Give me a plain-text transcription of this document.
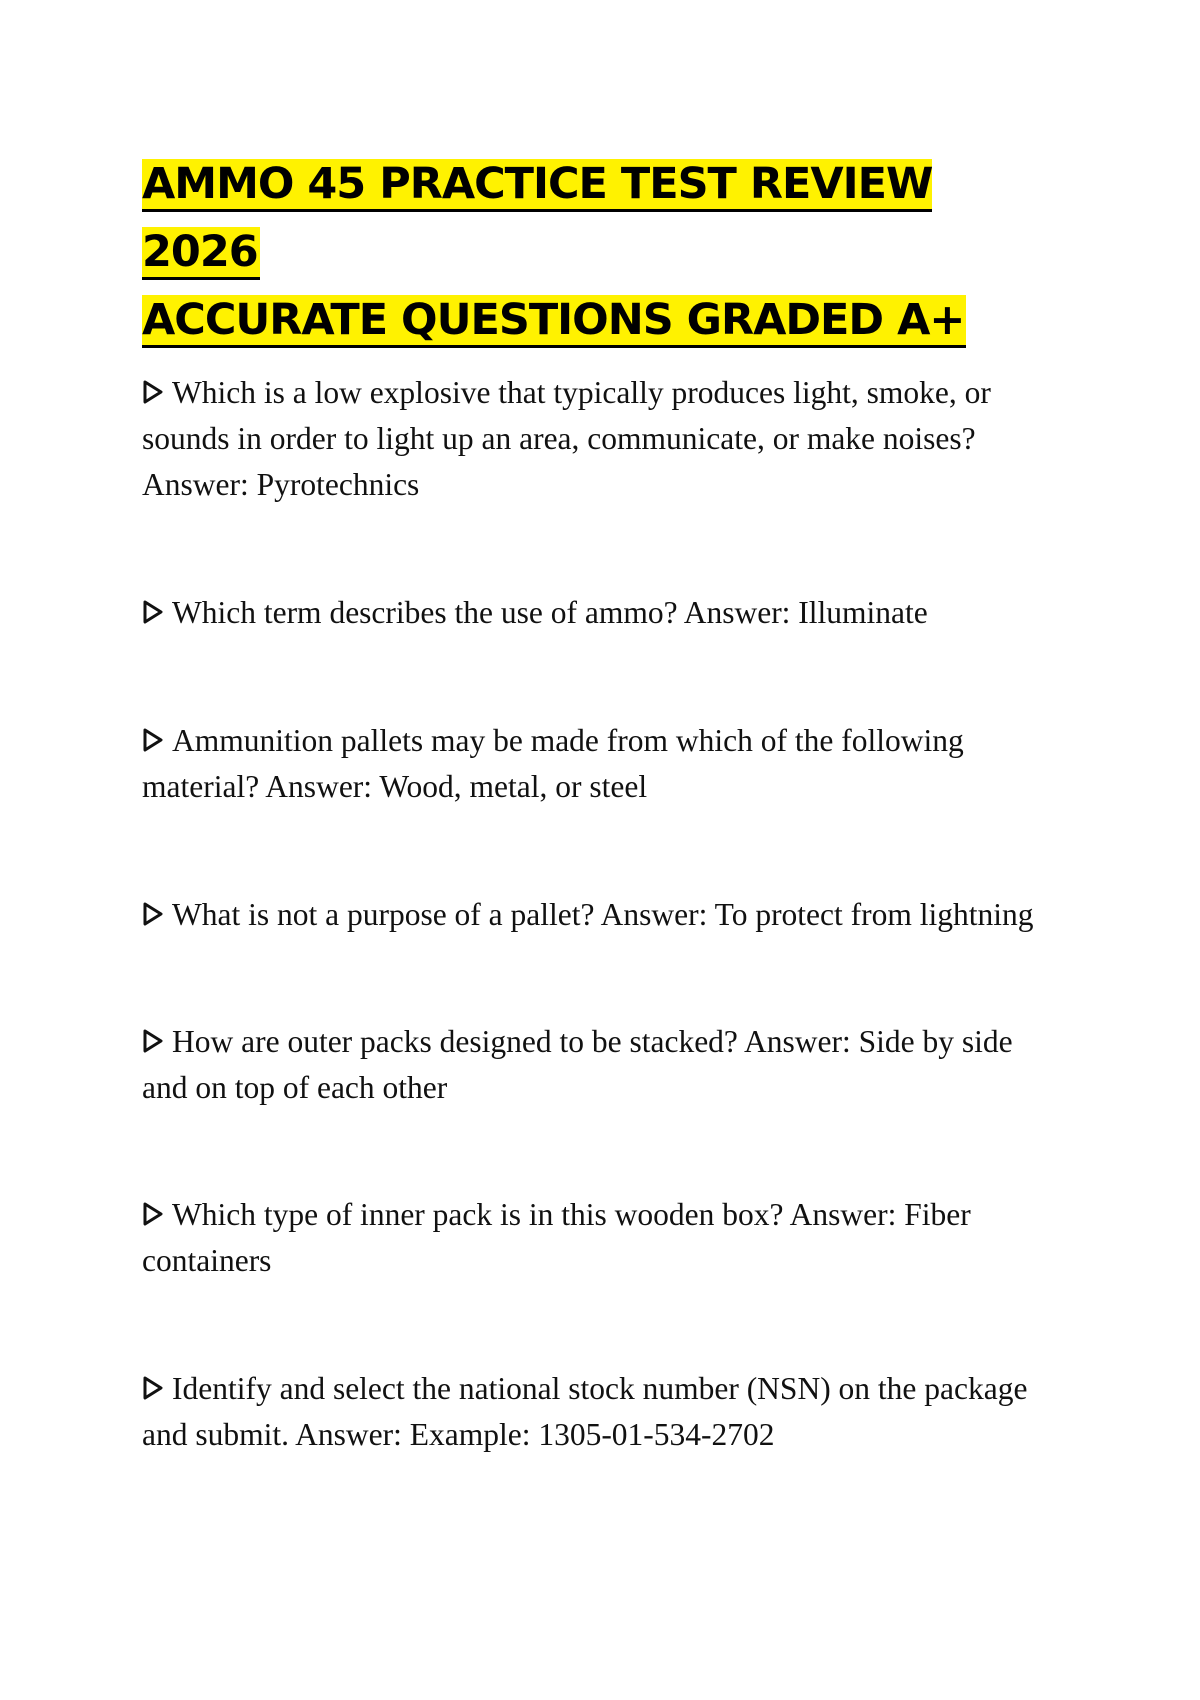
AMMO 45 PRACTICE TEST REVIEW 2026
ACCURATE QUESTIONS GRADED A+

Which is a low explosive that typically produces light, smoke, or sounds in order to light up an area, communicate, or make noises? Answer: Pyrotechnics

Which term describes the use of ammo? Answer: Illuminate

Ammunition pallets may be made from which of the following material? Answer: Wood, metal, or steel

What is not a purpose of a pallet? Answer: To protect from lightning

How are outer packs designed to be stacked? Answer: Side by side and on top of each other

Which type of inner pack is in this wooden box? Answer: Fiber containers

Identify and select the national stock number (NSN) on the package and submit. Answer: Example: 1305-01-534-2702
